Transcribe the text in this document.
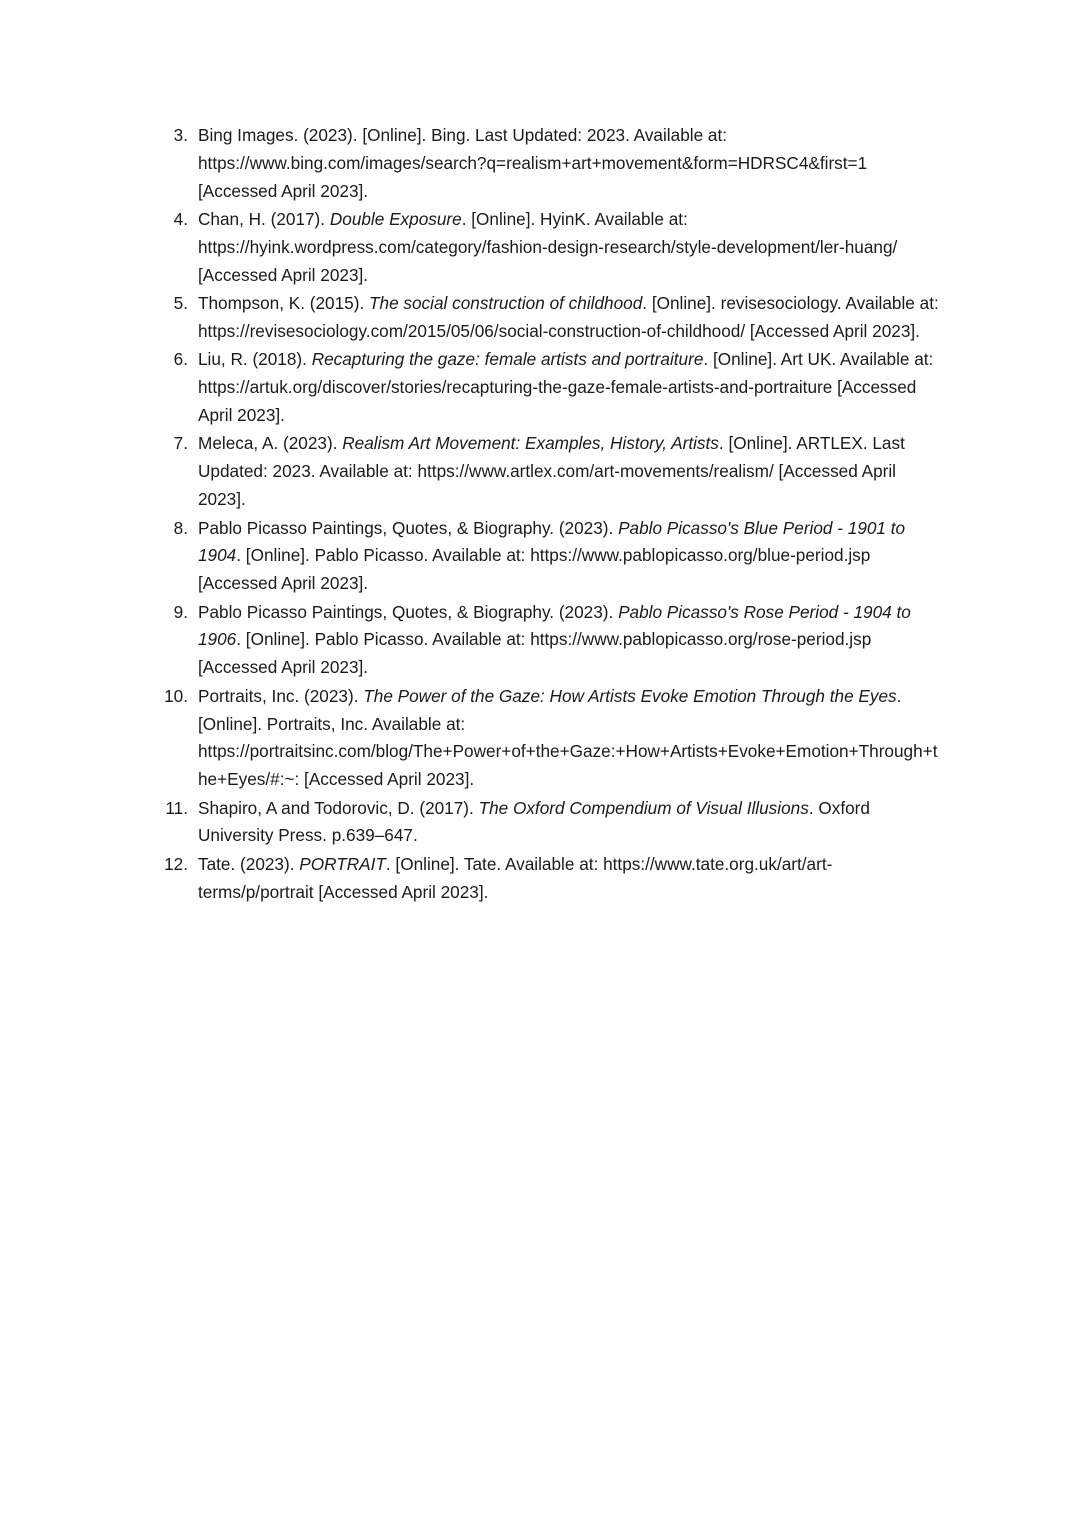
3. Bing Images. (2023). [Online]. Bing. Last Updated: 2023. Available at: https://www.bing.com/images/search?q=realism+art+movement&form=HDRSC4&first=1 [Accessed April 2023].
4. Chan, H. (2017). Double Exposure. [Online]. HyinK. Available at: https://hyink.wordpress.com/category/fashion-design-research/style-development/ler-huang/ [Accessed April 2023].
5. Thompson, K. (2015). The social construction of childhood. [Online]. revisesociology. Available at: https://revisesociology.com/2015/05/06/social-construction-of-childhood/ [Accessed April 2023].
6. Liu, R. (2018). Recapturing the gaze: female artists and portraiture. [Online]. Art UK. Available at: https://artuk.org/discover/stories/recapturing-the-gaze-female-artists-and-portraiture [Accessed April 2023].
7. Meleca, A. (2023). Realism Art Movement: Examples, History, Artists. [Online]. ARTLEX. Last Updated: 2023. Available at: https://www.artlex.com/art-movements/realism/ [Accessed April 2023].
8. Pablo Picasso Paintings, Quotes, & Biography. (2023). Pablo Picasso's Blue Period - 1901 to 1904. [Online]. Pablo Picasso. Available at: https://www.pablopicasso.org/blue-period.jsp [Accessed April 2023].
9. Pablo Picasso Paintings, Quotes, & Biography. (2023). Pablo Picasso's Rose Period - 1904 to 1906. [Online]. Pablo Picasso. Available at: https://www.pablopicasso.org/rose-period.jsp [Accessed April 2023].
10. Portraits, Inc. (2023). The Power of the Gaze: How Artists Evoke Emotion Through the Eyes. [Online]. Portraits, Inc. Available at: https://portraitsinc.com/blog/The+Power+of+the+Gaze:+How+Artists+Evoke+Emotion+Through+the+Eyes/#:~: [Accessed April 2023].
11. Shapiro, A and Todorovic, D. (2017). The Oxford Compendium of Visual Illusions. Oxford University Press. p.639–647.
12. Tate. (2023). PORTRAIT. [Online]. Tate. Available at: https://www.tate.org.uk/art/art-terms/p/portrait [Accessed April 2023].
